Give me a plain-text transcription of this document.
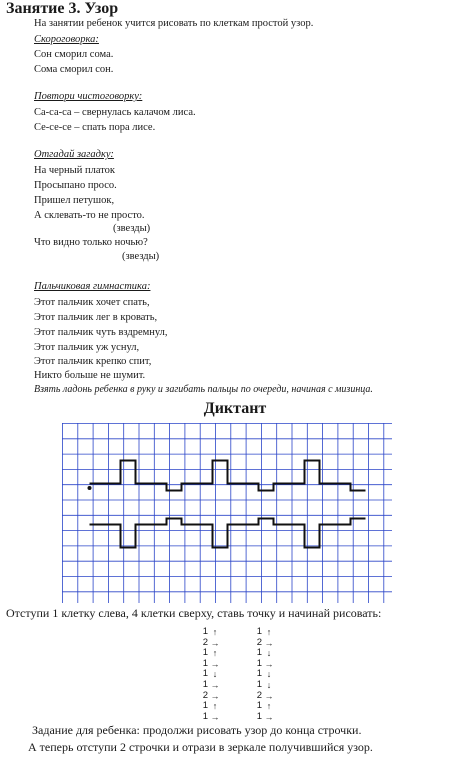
Занятие 3. Узор
На занятии ребенок учится рисовать по клеткам простой узор.
Скороговорка:
Сон сморил сома.
Сома сморил сон.
Повтори чистоговорку:
Са-са-са – свернулась калачом лиса.
Се-се-се – спать пора лисе.
Отгадай загадку:
На черный платок
Просыпано просо.
Пришел петушок,
А склевать-то не просто.
(звезды)
Что видно только ночью?
(звезды)
Пальчиковая гимнастика:
Этот пальчик хочет спать,
Этот пальчик лег в кровать,
Этот пальчик чуть вздремнул,
Этот пальчик уж уснул,
Этот пальчик крепко спит,
Никто больше не шумит.
Взять ладонь ребенка в руку и загибать пальцы по очереди, начиная с мизинца.
Диктант
Отступи 1 клетку слева, 4 клетки сверху, ставь точку и начинай рисовать:
1 ↑
2 →
1 ↑
1 →
1 ↓
1 →
2 →
1 ↑
1 →
1 ↑
2 →
1 ↓
1 →
1 ↓
1 ↓
2 →
1 ↑
1 →
Задание для ребенка: продолжи рисовать узор до конца строчки.
А теперь отступи 2 строчки и отрази в зеркале получившийся узор.
